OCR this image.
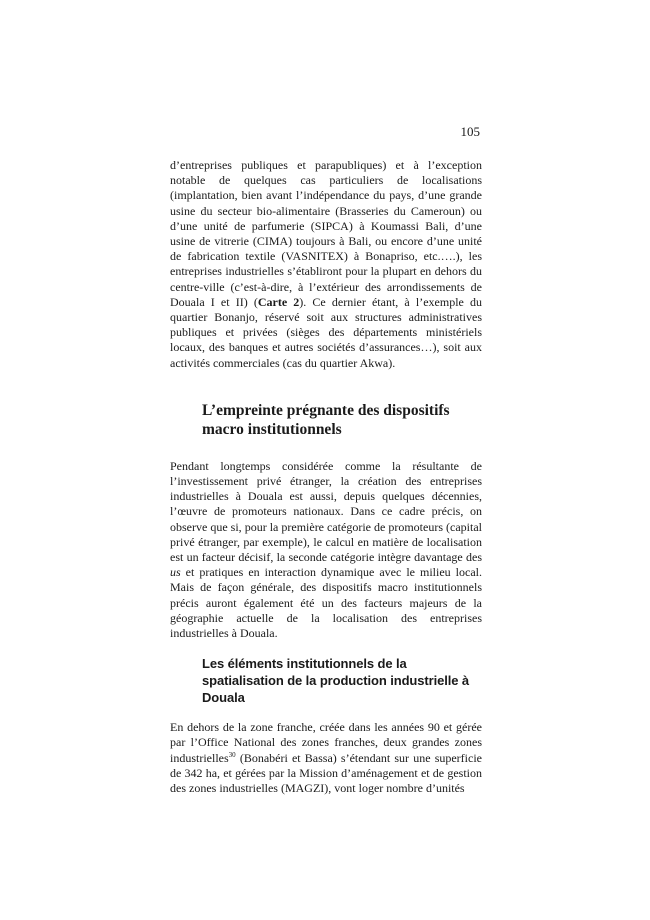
105

d’entreprises publiques et parapubliques) et à l’exception notable de quelques cas particuliers de localisations (implantation, bien avant l’indépendance du pays, d’une grande usine du secteur bio-alimentaire (Brasseries du Cameroun) ou d’une unité de parfumerie (SIPCA) à Koumassi Bali, d’une usine de vitrerie (CIMA) toujours à Bali, ou encore d’une unité de fabrication textile (VASNITEX) à Bonapriso, etc.….), les entreprises industrielles s’établiront pour la plupart en dehors du centre-ville (c’est-à-dire, à l’extérieur des arrondissements de Douala I et II) (Carte 2). Ce dernier étant, à l’exemple du quartier Bonanjo, réservé soit aux structures administratives publiques et privées (sièges des départements ministériels locaux, des banques et autres sociétés d’assurances…), soit aux activités commerciales (cas du quartier Akwa).

L’empreinte prégnante des dispositifs macro institutionnels

Pendant longtemps considérée comme la résultante de l’investissement privé étranger, la création des entreprises industrielles à Douala est aussi, depuis quelques décennies, l’œuvre de promoteurs nationaux. Dans ce cadre précis, on observe que si, pour la première catégorie de promoteurs (capital privé étranger, par exemple), le calcul en matière de localisation est un facteur décisif, la seconde catégorie intègre davantage des us et pratiques en interaction dynamique avec le milieu local. Mais de façon générale, des dispositifs macro institutionnels précis auront également été un des facteurs majeurs de la géographie actuelle de la localisation des entreprises industrielles à Douala.

Les éléments institutionnels de la spatialisation de la production industrielle à Douala

En dehors de la zone franche, créée dans les années 90 et gérée par l’Office National des zones franches, deux grandes zones industrielles$^{30}$ (Bonabéri et Bassa) s’étendant sur une superficie de 342 ha, et gérées par la Mission d’aménagement et de gestion des zones industrielles (MAGZI), vont loger nombre d’unités
